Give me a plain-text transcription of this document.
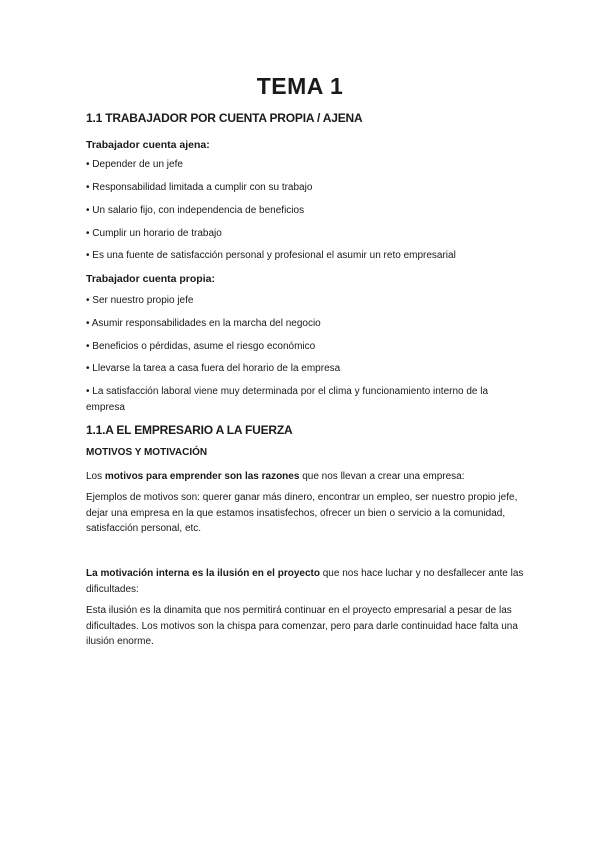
TEMA 1
1.1 TRABAJADOR POR CUENTA PROPIA / AJENA
Trabajador cuenta ajena:
• Depender de un jefe
• Responsabilidad limitada a cumplir con su trabajo
• Un salario fijo, con independencia de beneficios
• Cumplir un horario de trabajo
• Es una fuente de satisfacción personal y profesional el asumir un reto empresarial
Trabajador cuenta propia:
• Ser nuestro propio jefe
• Asumir responsabilidades en la marcha del negocio
• Beneficios o pérdidas, asume el riesgo económico
• Llevarse la tarea a casa fuera del horario de la empresa
• La satisfacción laboral viene muy determinada por el clima y funcionamiento interno de la empresa
1.1.A EL EMPRESARIO A LA FUERZA
MOTIVOS Y MOTIVACIÓN
Los motivos para emprender son las razones que nos llevan a crear una empresa:
Ejemplos de motivos son: querer ganar más dinero, encontrar un empleo, ser nuestro propio jefe, dejar una empresa en la que estamos insatisfechos, ofrecer un bien o servicio a la comunidad, satisfacción personal, etc.
La motivación interna es la ilusión en el proyecto que nos hace luchar y no desfallecer ante las dificultades:
Esta ilusión es la dinamita que nos permitirá continuar en el proyecto empresarial a pesar de las dificultades. Los motivos son la chispa para comenzar, pero para darle continuidad hace falta una ilusión enorme.
